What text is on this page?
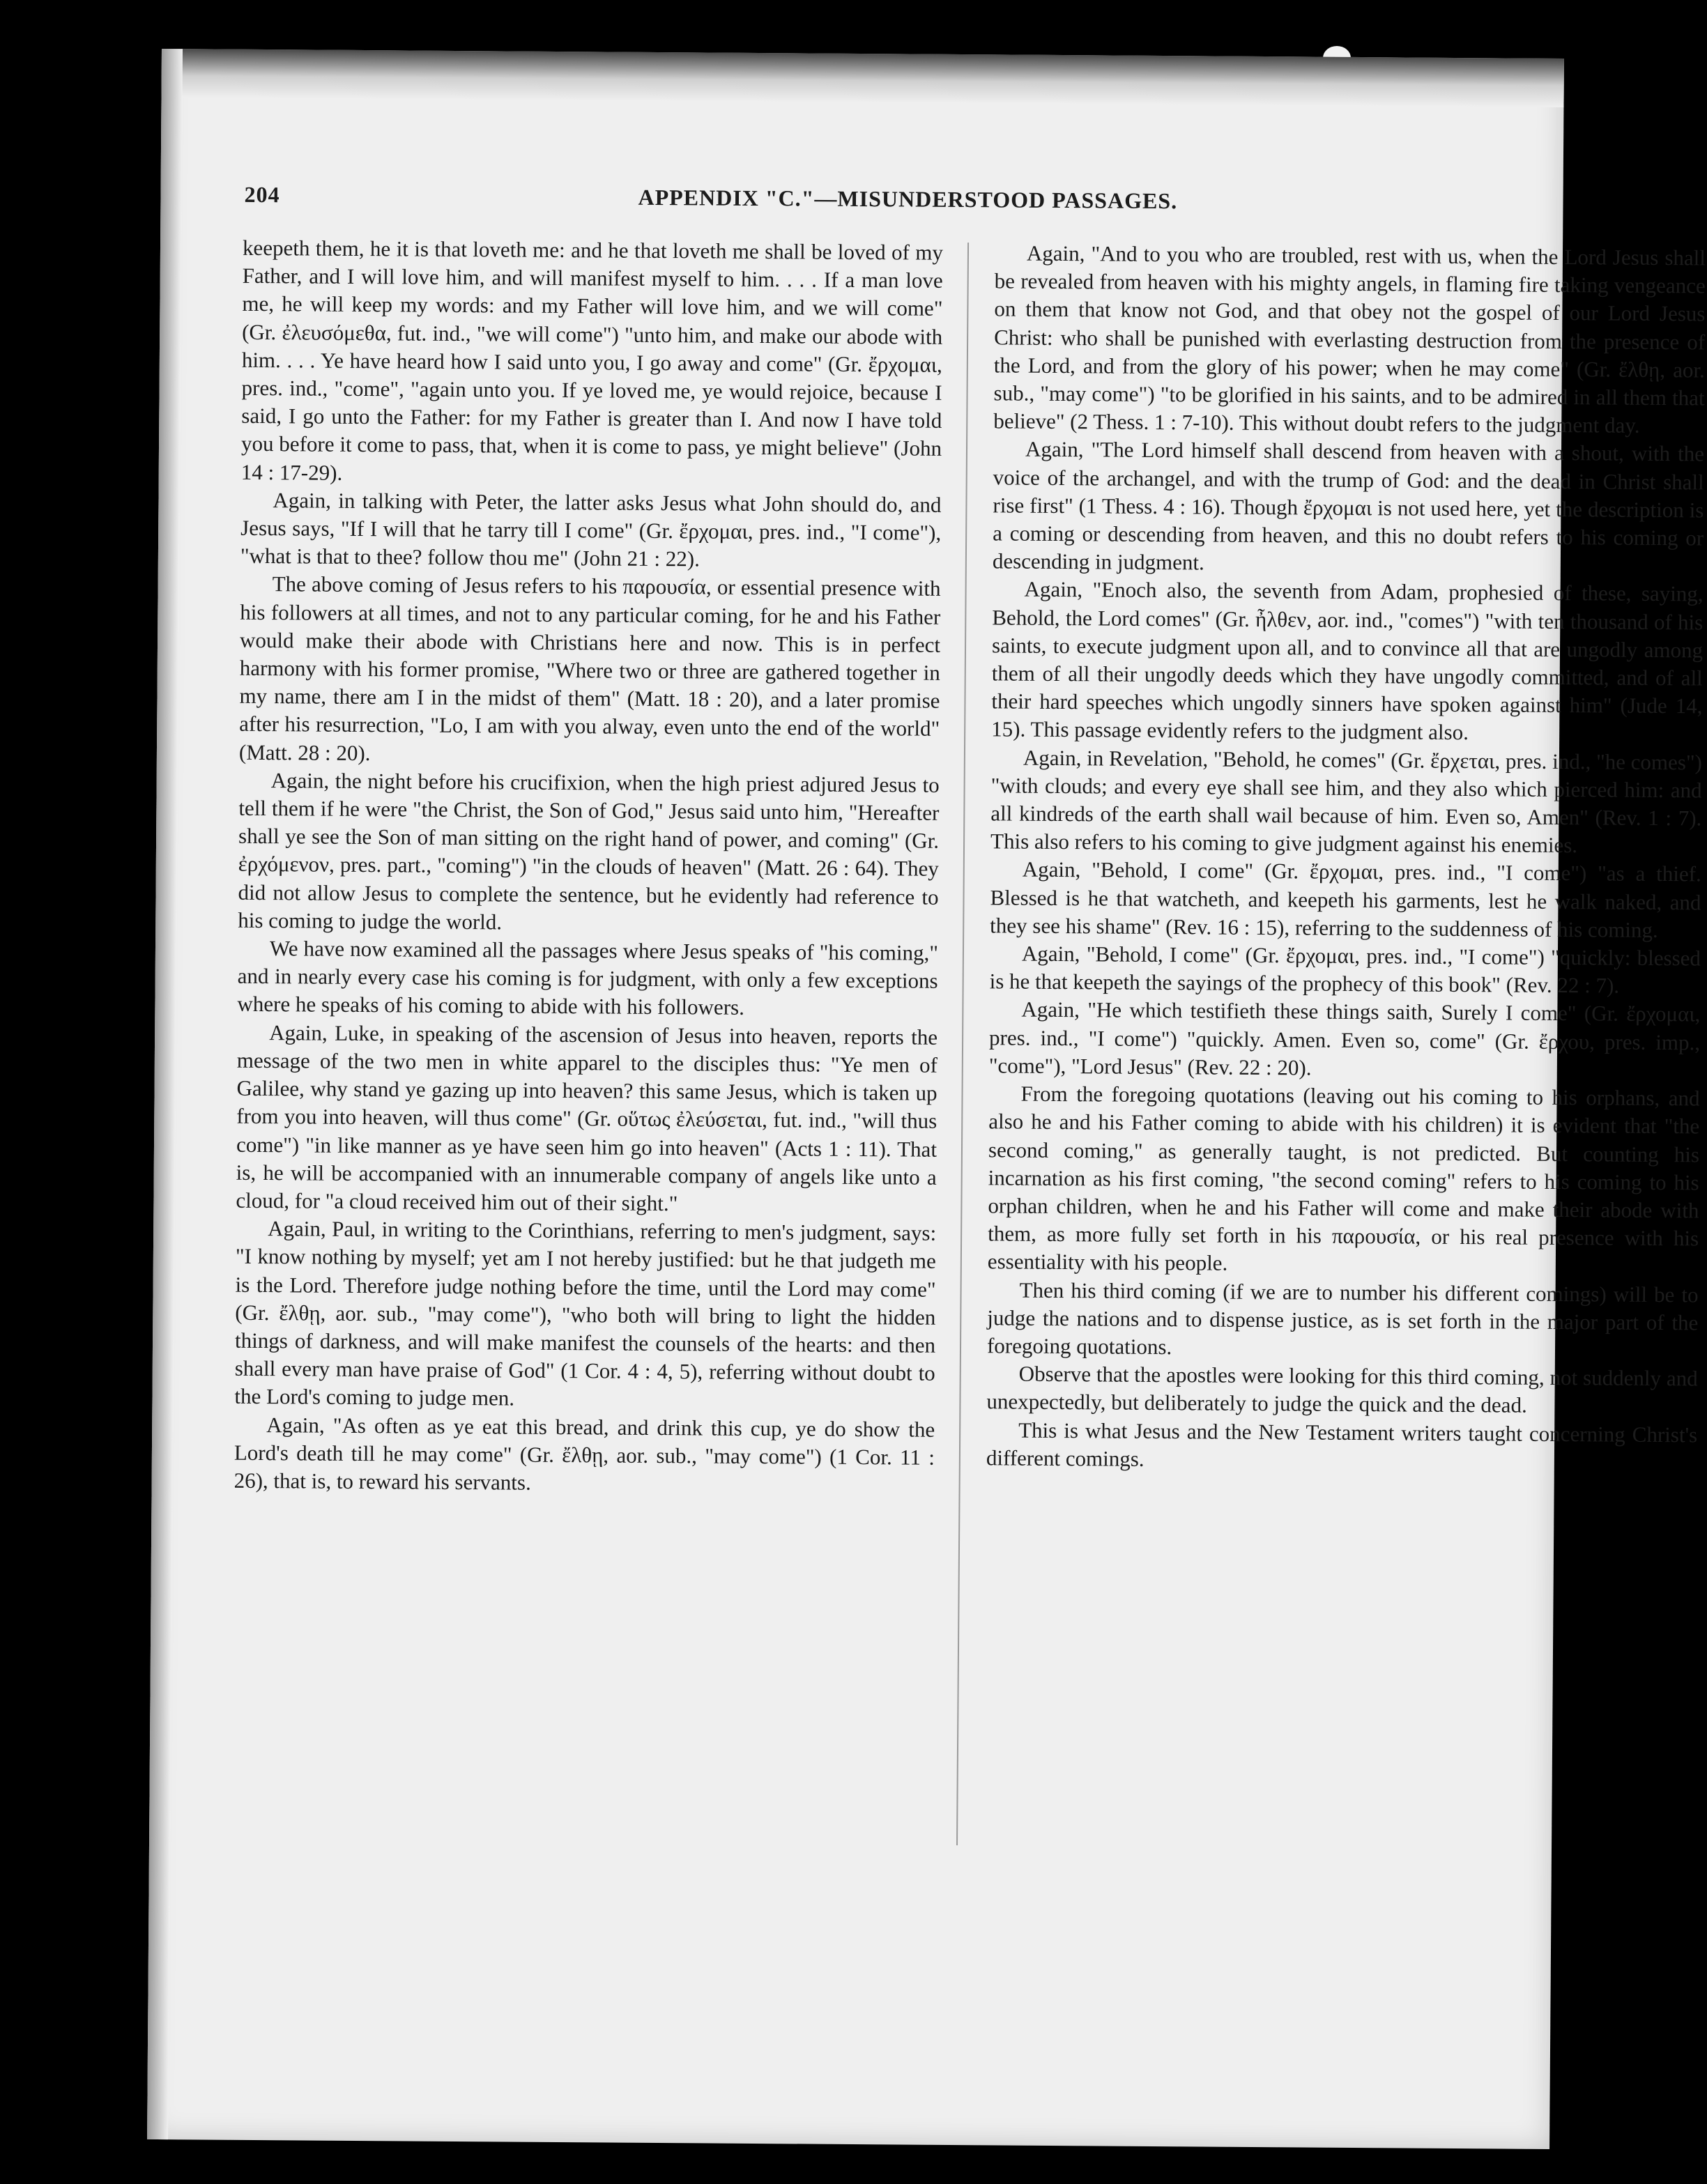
204	APPENDIX "C."—MISUNDERSTOOD PASSAGES.

keepeth them, he it is that loveth me: and he that loveth me shall be loved of my Father, and I will love him, and will manifest myself to him. . . . If a man love me, he will keep my words: and my Father will love him, and we will come" (Gr. ἐλευσόμεθα, fut. ind., "we will come") "unto him, and make our abode with him. . . . Ye have heard how I said unto you, I go away and come" (Gr. ἔρχομαι, pres. ind., "come", "again unto you. If ye loved me, ye would rejoice, because I said, I go unto the Father: for my Father is greater than I. And now I have told you before it come to pass, that, when it is come to pass, ye might believe" (John 14 : 17-29).

Again, in talking with Peter, the latter asks Jesus what John should do, and Jesus says, "If I will that he tarry till I come" (Gr. ἔρχομαι, pres. ind., "I come"), "what is that to thee? follow thou me" (John 21 : 22).

The above coming of Jesus refers to his παρουσία, or essential presence with his followers at all times, and not to any particular coming, for he and his Father would make their abode with Christians here and now. This is in perfect harmony with his former promise, "Where two or three are gathered together in my name, there am I in the midst of them" (Matt. 18 : 20), and a later promise after his resurrection, "Lo, I am with you alway, even unto the end of the world" (Matt. 28 : 20).

Again, the night before his crucifixion, when the high priest adjured Jesus to tell them if he were "the Christ, the Son of God," Jesus said unto him, "Hereafter shall ye see the Son of man sitting on the right hand of power, and coming" (Gr. ἐρχόμενον, pres. part., "coming") "in the clouds of heaven" (Matt. 26 : 64). They did not allow Jesus to complete the sentence, but he evidently had reference to his coming to judge the world.

We have now examined all the passages where Jesus speaks of "his coming," and in nearly every case his coming is for judgment, with only a few exceptions where he speaks of his coming to abide with his followers.

Again, Luke, in speaking of the ascension of Jesus into heaven, reports the message of the two men in white apparel to the disciples thus: "Ye men of Galilee, why stand ye gazing up into heaven? this same Jesus, which is taken up from you into heaven, will thus come" (Gr. οὕτως ἐλεύσεται, fut. ind., "will thus come") "in like manner as ye have seen him go into heaven" (Acts 1 : 11). That is, he will be accompanied with an innumerable company of angels like unto a cloud, for "a cloud received him out of their sight."

Again, Paul, in writing to the Corinthians, referring to men's judgment, says: "I know nothing by myself; yet am I not hereby justified: but he that judgeth me is the Lord. Therefore judge nothing before the time, until the Lord may come" (Gr. ἔλθῃ, aor. sub., "may come"), "who both will bring to light the hidden things of darkness, and will make manifest the counsels of the hearts: and then shall every man have praise of God" (1 Cor. 4 : 4, 5), referring without doubt to the Lord's coming to judge men.

Again, "As often as ye eat this bread, and drink this cup, ye do show the Lord's death till he may come" (Gr. ἔλθῃ, aor. sub., "may come") (1 Cor. 11 : 26), that is, to reward his servants.

Again, "And to you who are troubled, rest with us, when the Lord Jesus shall be revealed from heaven with his mighty angels, in flaming fire taking vengeance on them that know not God, and that obey not the gospel of our Lord Jesus Christ: who shall be punished with everlasting destruction from the presence of the Lord, and from the glory of his power; when he may come" (Gr. ἔλθῃ, aor. sub., "may come") "to be glorified in his saints, and to be admired in all them that believe" (2 Thess. 1 : 7-10). This without doubt refers to the judgment day.

Again, "The Lord himself shall descend from heaven with a shout, with the voice of the archangel, and with the trump of God: and the dead in Christ shall rise first" (1 Thess. 4 : 16). Though ἔρχομαι is not used here, yet the description is a coming or descending from heaven, and this no doubt refers to his coming or descending in judgment.

Again, "Enoch also, the seventh from Adam, prophesied of these, saying, Behold, the Lord comes" (Gr. ἦλθεν, aor. ind., "comes") "with ten thousand of his saints, to execute judgment upon all, and to convince all that are ungodly among them of all their ungodly deeds which they have ungodly committed, and of all their hard speeches which ungodly sinners have spoken against him" (Jude 14, 15). This passage evidently refers to the judgment also.

Again, in Revelation, "Behold, he comes" (Gr. ἔρχεται, pres. ind., "he comes") "with clouds; and every eye shall see him, and they also which pierced him: and all kindreds of the earth shall wail because of him. Even so, Amen" (Rev. 1 : 7). This also refers to his coming to give judgment against his enemies.

Again, "Behold, I come" (Gr. ἔρχομαι, pres. ind., "I come") "as a thief. Blessed is he that watcheth, and keepeth his garments, lest he walk naked, and they see his shame" (Rev. 16 : 15), referring to the suddenness of his coming.

Again, "Behold, I come" (Gr. ἔρχομαι, pres. ind., "I come") "quickly: blessed is he that keepeth the sayings of the prophecy of this book" (Rev. 22 : 7).

Again, "He which testifieth these things saith, Surely I come" (Gr. ἔρχομαι, pres. ind., "I come") "quickly. Amen. Even so, come" (Gr. ἔρχου, pres. imp., "come"), "Lord Jesus" (Rev. 22 : 20).

From the foregoing quotations (leaving out his coming to his orphans, and also he and his Father coming to abide with his children) it is evident that "the second coming," as generally taught, is not predicted. But counting his incarnation as his first coming, "the second coming" refers to his coming to his orphan children, when he and his Father will come and make their abode with them, as more fully set forth in his παρουσία, or his real presence with his essentiality with his people.

Then his third coming (if we are to number his different comings) will be to judge the nations and to dispense justice, as is set forth in the major part of the foregoing quotations.

Observe that the apostles were looking for this third coming, not suddenly and unexpectedly, but deliberately to judge the quick and the dead.

This is what Jesus and the New Testament writers taught concerning Christ's different comings.
